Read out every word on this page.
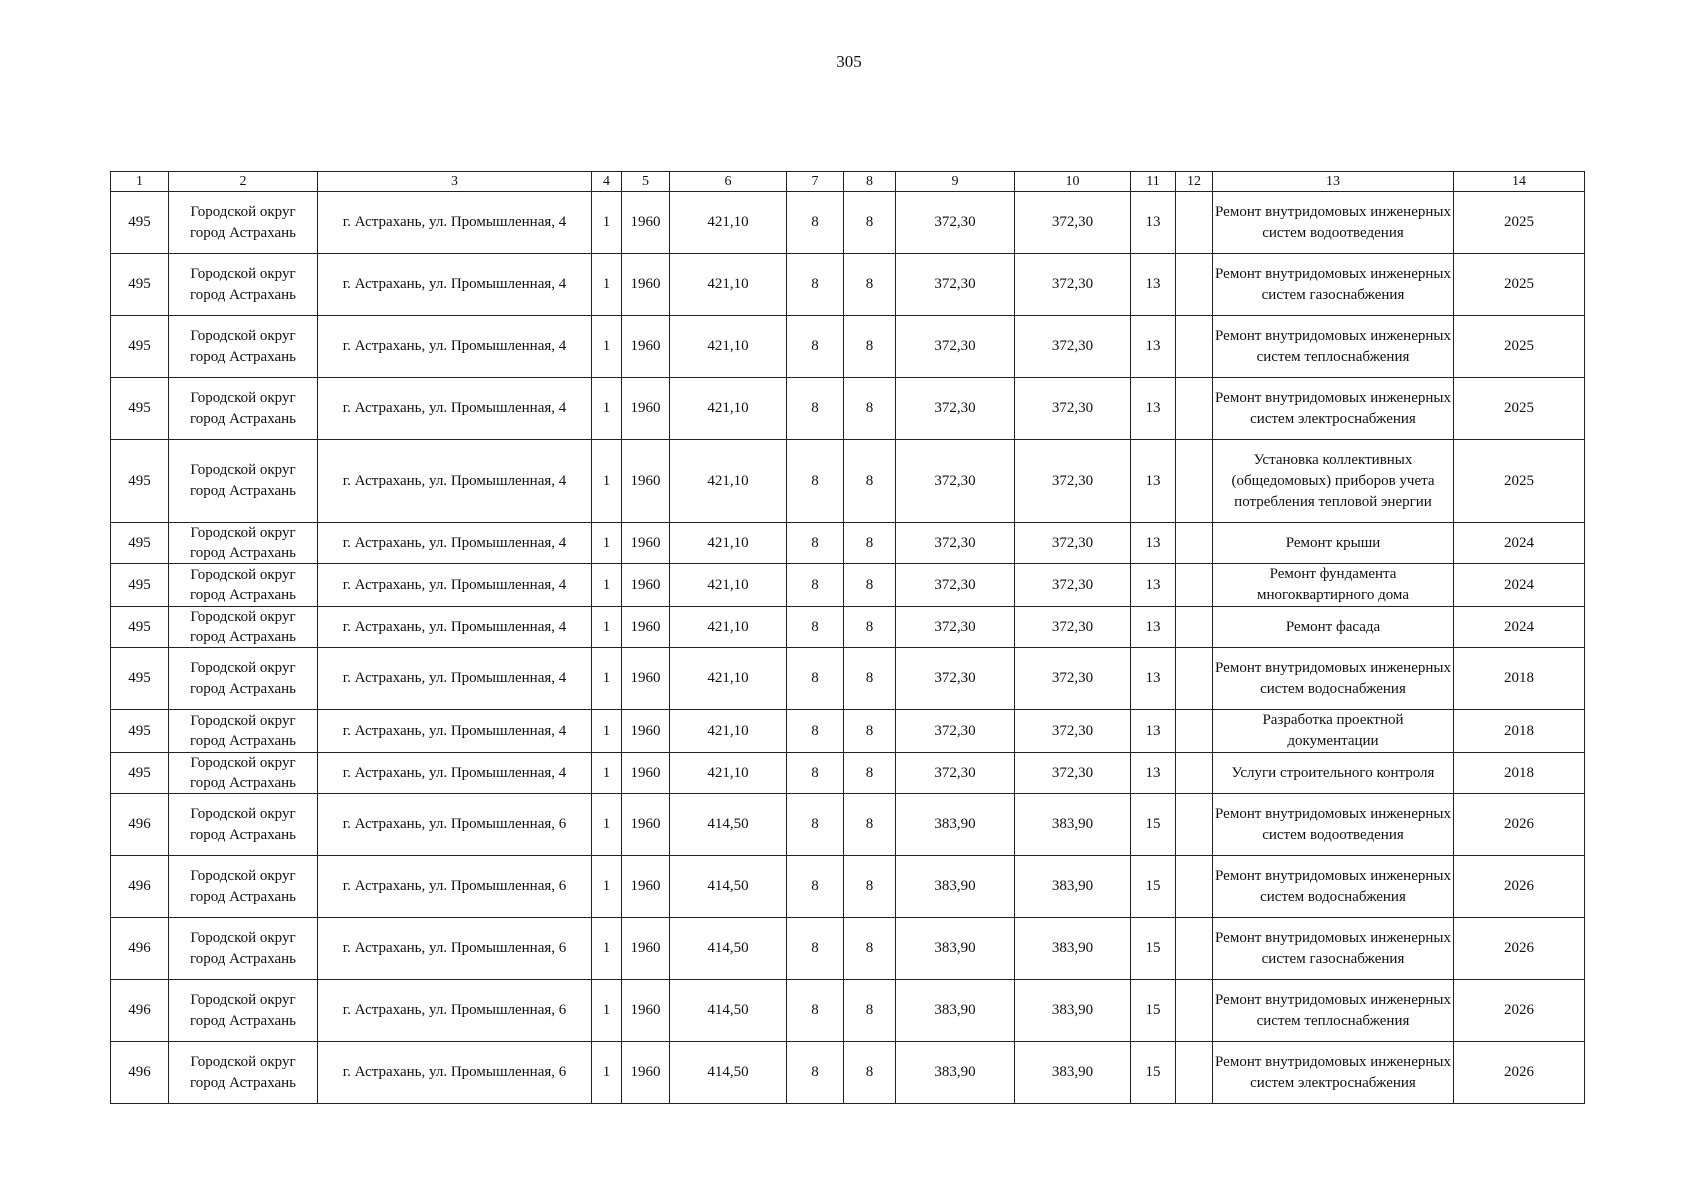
305
1	2	3	4	5	6	7	8	9	10	11	12	13	14
495	Городской округ город Астрахань	г. Астрахань, ул. Промышленная, 4	1	1960	421,10	8	8	372,30	372,30	13		Ремонт внутридомовых инженерных систем водоотведения	2025
495	Городской округ город Астрахань	г. Астрахань, ул. Промышленная, 4	1	1960	421,10	8	8	372,30	372,30	13		Ремонт внутридомовых инженерных систем газоснабжения	2025
495	Городской округ город Астрахань	г. Астрахань, ул. Промышленная, 4	1	1960	421,10	8	8	372,30	372,30	13		Ремонт внутридомовых инженерных систем теплоснабжения	2025
495	Городской округ город Астрахань	г. Астрахань, ул. Промышленная, 4	1	1960	421,10	8	8	372,30	372,30	13		Ремонт внутридомовых инженерных систем электроснабжения	2025
495	Городской округ город Астрахань	г. Астрахань, ул. Промышленная, 4	1	1960	421,10	8	8	372,30	372,30	13		Установка коллективных (общедомовых) приборов учета потребления тепловой энергии	2025
495	Городской округ город Астрахань	г. Астрахань, ул. Промышленная, 4	1	1960	421,10	8	8	372,30	372,30	13		Ремонт крыши	2024
495	Городской округ город Астрахань	г. Астрахань, ул. Промышленная, 4	1	1960	421,10	8	8	372,30	372,30	13		Ремонт фундамента многоквартирного дома	2024
495	Городской округ город Астрахань	г. Астрахань, ул. Промышленная, 4	1	1960	421,10	8	8	372,30	372,30	13		Ремонт фасада	2024
495	Городской округ город Астрахань	г. Астрахань, ул. Промышленная, 4	1	1960	421,10	8	8	372,30	372,30	13		Ремонт внутридомовых инженерных систем водоснабжения	2018
495	Городской округ город Астрахань	г. Астрахань, ул. Промышленная, 4	1	1960	421,10	8	8	372,30	372,30	13		Разработка проектной документации	2018
495	Городской округ город Астрахань	г. Астрахань, ул. Промышленная, 4	1	1960	421,10	8	8	372,30	372,30	13		Услуги строительного контроля	2018
496	Городской округ город Астрахань	г. Астрахань, ул. Промышленная, 6	1	1960	414,50	8	8	383,90	383,90	15		Ремонт внутридомовых инженерных систем водоотведения	2026
496	Городской округ город Астрахань	г. Астрахань, ул. Промышленная, 6	1	1960	414,50	8	8	383,90	383,90	15		Ремонт внутридомовых инженерных систем водоснабжения	2026
496	Городской округ город Астрахань	г. Астрахань, ул. Промышленная, 6	1	1960	414,50	8	8	383,90	383,90	15		Ремонт внутридомовых инженерных систем газоснабжения	2026
496	Городской округ город Астрахань	г. Астрахань, ул. Промышленная, 6	1	1960	414,50	8	8	383,90	383,90	15		Ремонт внутридомовых инженерных систем теплоснабжения	2026
496	Городской округ город Астрахань	г. Астрахань, ул. Промышленная, 6	1	1960	414,50	8	8	383,90	383,90	15		Ремонт внутридомовых инженерных систем электроснабжения	2026
